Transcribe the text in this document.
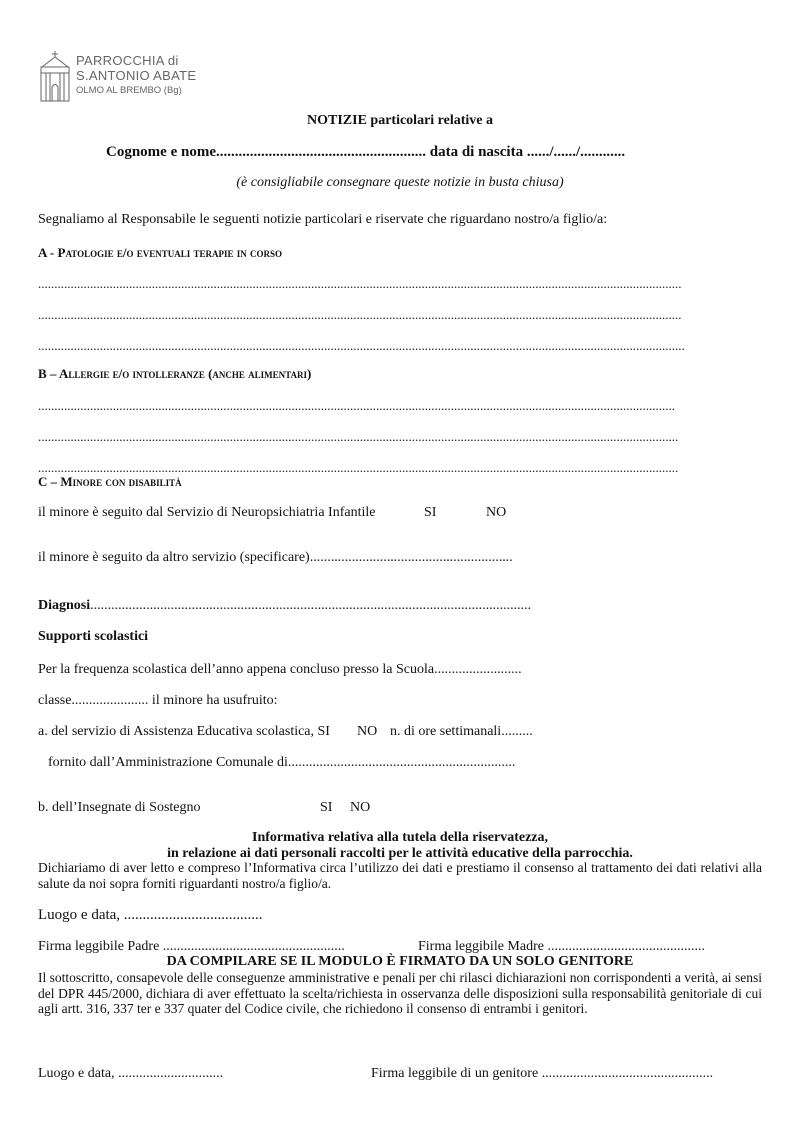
PARROCCHIA di
S.ANTONIO ABATE
OLMO AL BREMBO (Bg)
NOTIZIE particolari relative a
Cognome e nome........................................................ data di nascita ....../....../............
(è consigliabile consegnare queste notizie in busta chiusa)
Segnaliamo al Responsabile le seguenti notizie particolari e riservate che riguardano nostro/a figlio/a:
A - Patologie e/o eventuali terapie in corso
......................................................................................................................................................................................................
......................................................................................................................................................................................................
.......................................................................................................................................................................................................
B – Allergie e/o intolleranze (anche alimentari)
....................................................................................................................................................................................................
.....................................................................................................................................................................................................
.....................................................................................................................................................................................................
C – Minore con disabilità
il minore è seguito dal Servizio di Neuropsichiatria Infantile	SI	NO
il minore è seguito da altro servizio (specificare)..........................................................
Diagnosi..............................................................................................................................
Supporti scolastici
Per la frequenza scolastica dell’anno appena concluso presso la Scuola.........................
classe...................... il minore ha usufruito:
a. del servizio di Assistenza Educativa scolastica, SI NO n. di ore settimanali.........
fornito dall’Amministrazione Comunale di.................................................................
b. dell’Insegnate di Sostegno	SI NO
Informativa relativa alla tutela della riservatezza,
in relazione ai dati personali raccolti per le attività educative della parrocchia.
Dichiariamo di aver letto e compreso l’Informativa circa l’utilizzo dei dati e prestiamo il consenso al trattamento dei dati relativi alla salute da noi sopra forniti riguardanti nostro/a figlio/a.
Luogo e data, .....................................
Firma leggibile Padre ....................................................	Firma leggibile Madre .............................................
DA COMPILARE SE IL MODULO È FIRMATO DA UN SOLO GENITORE
Il sottoscritto, consapevole delle conseguenze amministrative e penali per chi rilasci dichiarazioni non corrispondenti a verità, ai sensi del DPR 445/2000, dichiara di aver effettuato la scelta/richiesta in osservanza delle disposizioni sulla responsabilità genitoriale di cui agli artt. 316, 337 ter e 337 quater del Codice civile, che richiedono il consenso di entrambi i genitori.
Luogo e data, ..............................	Firma leggibile di un genitore .................................................
